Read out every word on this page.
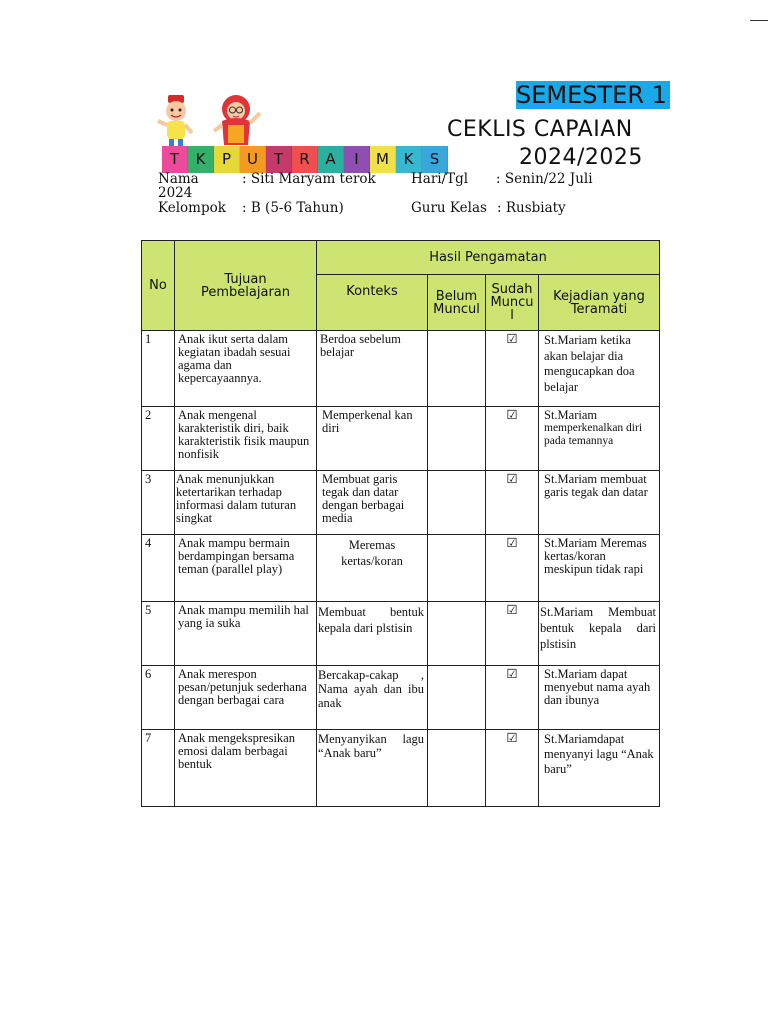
SEMESTER 1
CEKLIS CAPAIAN
2024/2025
T	K	P	U	T	R	A	I	M K	S
Nama	: Siti Maryam terok	Hari/Tgl : Senin/22 Juli
2024
Kelompok : B (5-6 Tahun)	Guru Kelas : Rusbiaty
No	Tujuan Pembelajaran	Hasil Pengamatan			
		Konteks	Belum Muncul	Sudah Muncul	Kejadian yang Teramati
1	Anak ikut serta dalam kegiatan ibadah sesuai agama dan kepercayaannya.	Berdoa sebelum belajar		☑	St.Mariam ketika akan belajar dia mengucapkan doa belajar
2	Anak mengenal karakteristik diri, baik karakteristik fisik maupun nonfisik	Memperkenal kan diri		☑	St.Mariam
memperkenalkan diri pada temannya

3	Anak menunjukkan ketertarikan terhadap informasi dalam tuturan singkat	Membuat garis tegak dan datar dengan berbagai media		☑	St.Mariam membuat garis tegak dan datar
4	Anak mampu bermain berdampingan bersama teman (parallel play)	Meremas kertas/koran		☑	St.Mariam Meremas kertas/koran meskipun tidak rapi
5	Anak mampu memilih hal yang ia suka	Membuat bentuk kepala dari plstisin		☑	St.Mariam Membuat bentuk kepala dari plstisin
6	Anak merespon pesan/petunjuk sederhana dengan berbagai cara	Bercakap-cakap , Nama ayah dan ibu anak		☑	St.Mariam dapat menyebut nama ayah dan ibunya
7	Anak mengekspresikan emosi dalam berbagai bentuk	Menyanyikan lagu “Anak baru”		☑	St.Mariamdapat menyanyi lagu “Anak baru”
